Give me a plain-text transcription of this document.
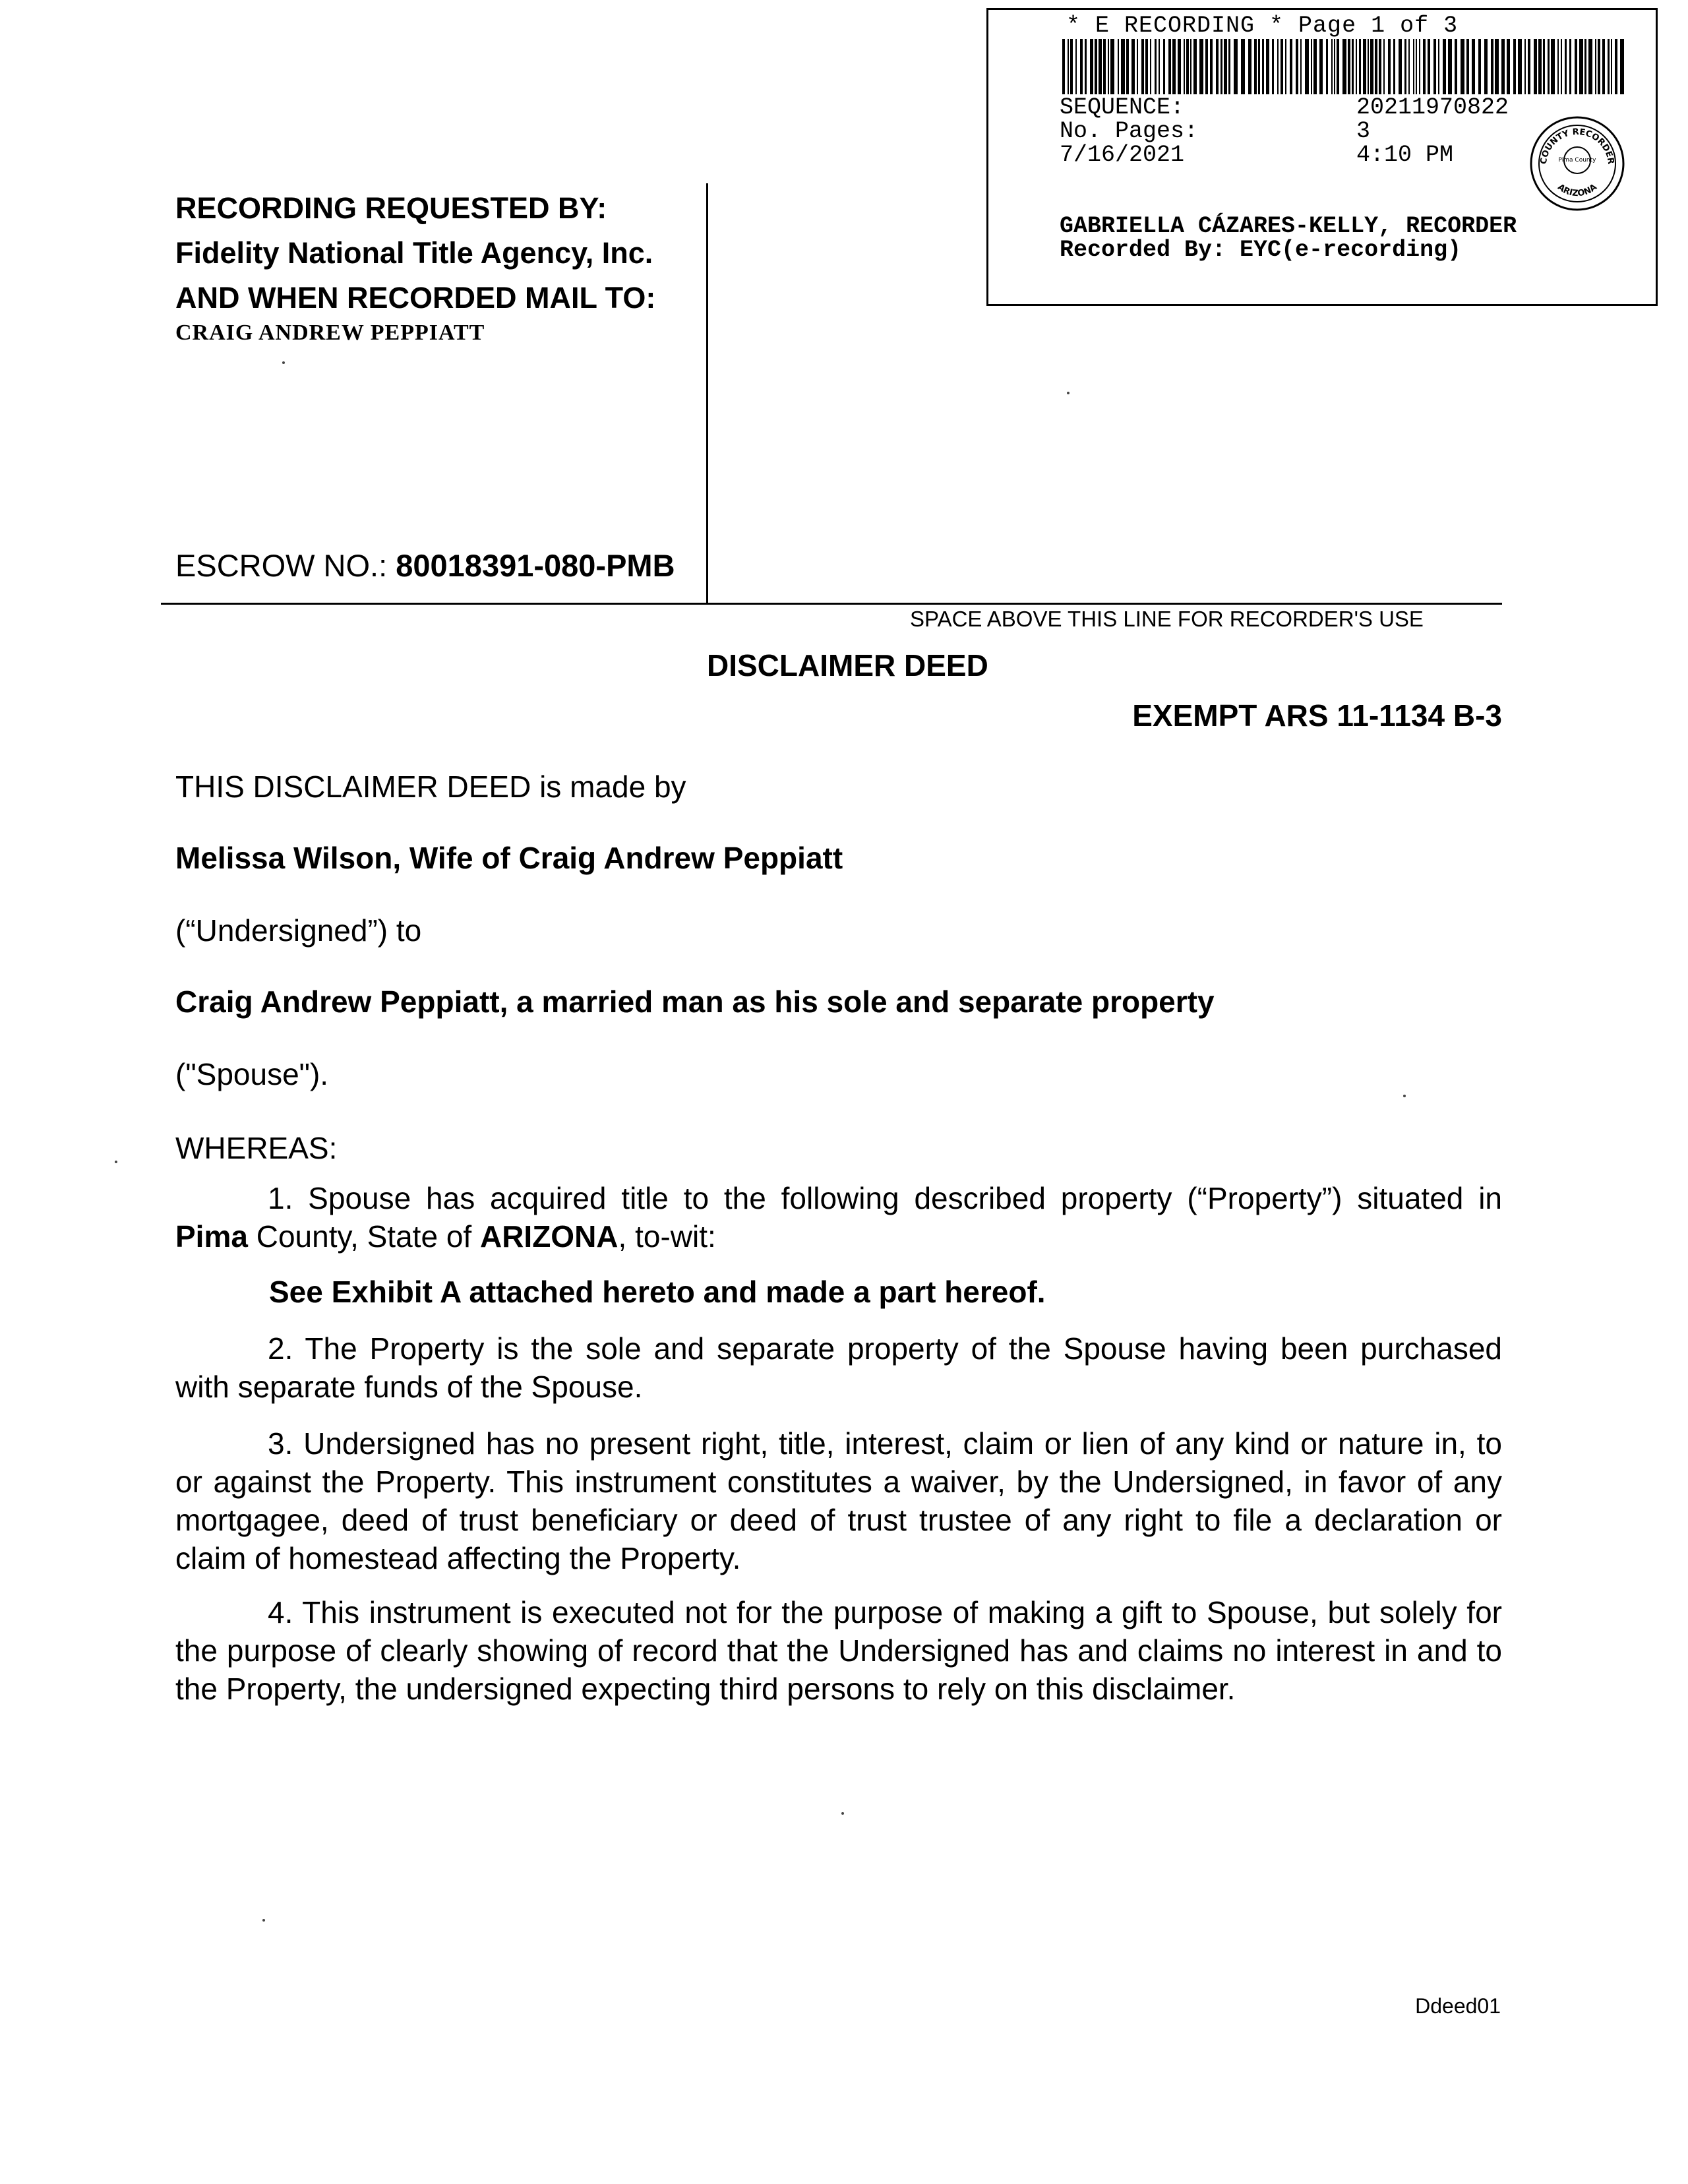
* E RECORDING * Page 1 of 3
SEQUENCE:	20211970822
No. Pages:	3
7/16/2021	4:10 PM
GABRIELLA CÁZARES-KELLY, RECORDER
Recorded By: EYC(e-recording)
COUNTY RECORDER
Pima County
ARIZONA
RECORDING REQUESTED BY:
Fidelity National Title Agency, Inc.
AND WHEN RECORDED MAIL TO:
CRAIG ANDREW PEPPIATT
ESCROW NO.: 80018391-080-PMB
SPACE ABOVE THIS LINE FOR RECORDER'S USE
DISCLAIMER DEED
EXEMPT ARS 11-1134 B-3
THIS DISCLAIMER DEED is made by
Melissa Wilson, Wife of Craig Andrew Peppiatt
(“Undersigned”) to
Craig Andrew Peppiatt, a married man as his sole and separate property
("Spouse").
WHEREAS:
1. Spouse has acquired title to the following described property (“Property”) situated in Pima County, State of ARIZONA, to-wit:
See Exhibit A attached hereto and made a part hereof.
2. The Property is the sole and separate property of the Spouse having been purchased with separate funds of the Spouse.
3. Undersigned has no present right, title, interest, claim or lien of any kind or nature in, to or against the Property. This instrument constitutes a waiver, by the Undersigned, in favor of any mortgagee, deed of trust beneficiary or deed of trust trustee of any right to file a declaration or claim of homestead affecting the Property.
4. This instrument is executed not for the purpose of making a gift to Spouse, but solely for the purpose of clearly showing of record that the Undersigned has and claims no interest in and to the Property, the undersigned expecting third persons to rely on this disclaimer.
Ddeed01
